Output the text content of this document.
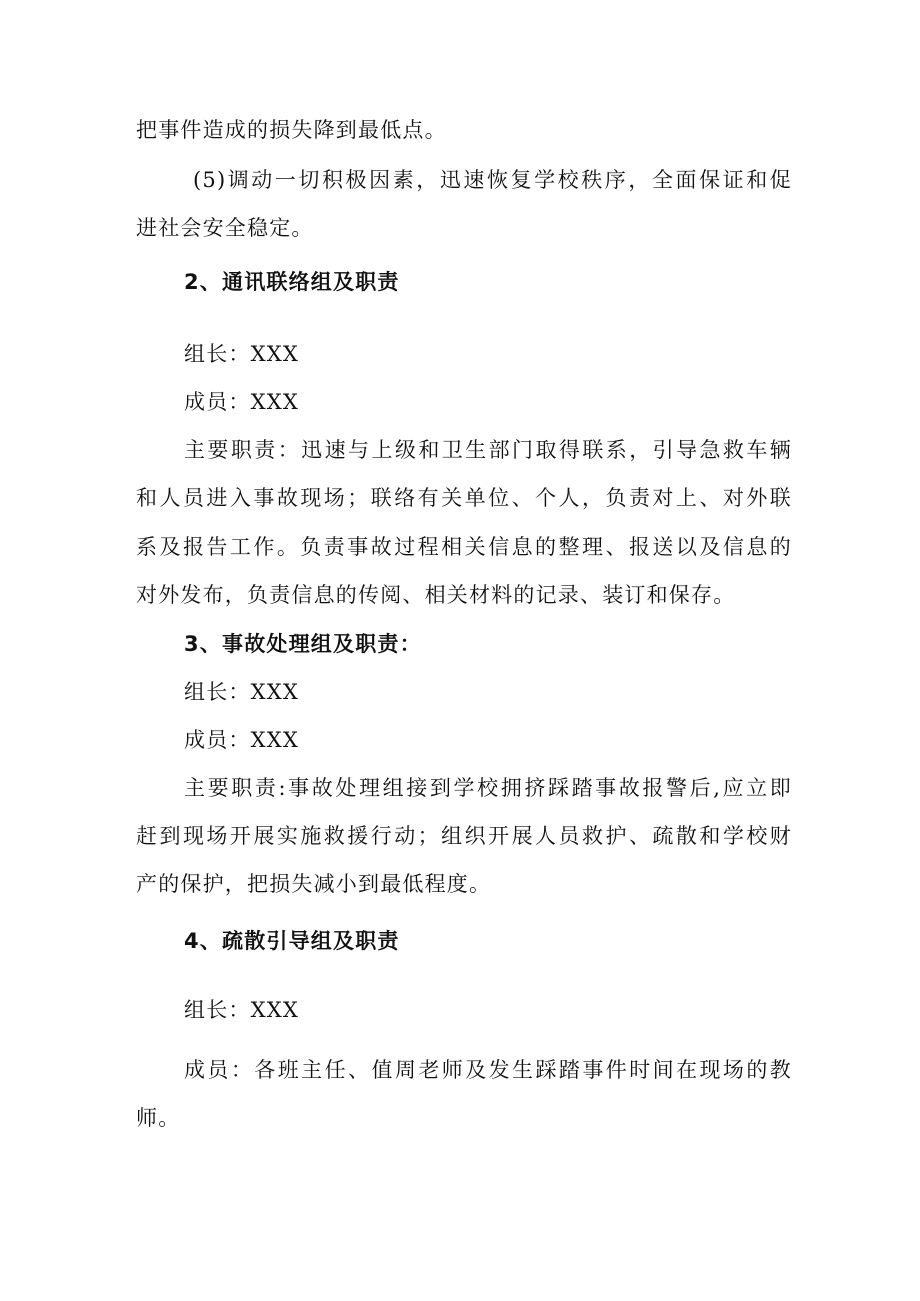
把事件造成的损失降到最低点。
(5)调动一切积极因素，迅速恢复学校秩序，全面保证和促
进社会安全稳定。
2、通讯联络组及职责
组长：XXX
成员：XXX
主要职责：迅速与上级和卫生部门取得联系，引导急救车辆
和人员进入事故现场；联络有关单位、个人，负责对上、对外联
系及报告工作。负责事故过程相关信息的整理、报送以及信息的
对外发布，负责信息的传阅、相关材料的记录、装订和保存。
3、事故处理组及职责：
组长：XXX
成员：XXX
主要职责:事故处理组接到学校拥挤踩踏事故报警后,应立即
赶到现场开展实施救援行动；组织开展人员救护、疏散和学校财
产的保护，把损失减小到最低程度。
4、疏散引导组及职责
组长：XXX
成员：各班主任、值周老师及发生踩踏事件时间在现场的教
师。
